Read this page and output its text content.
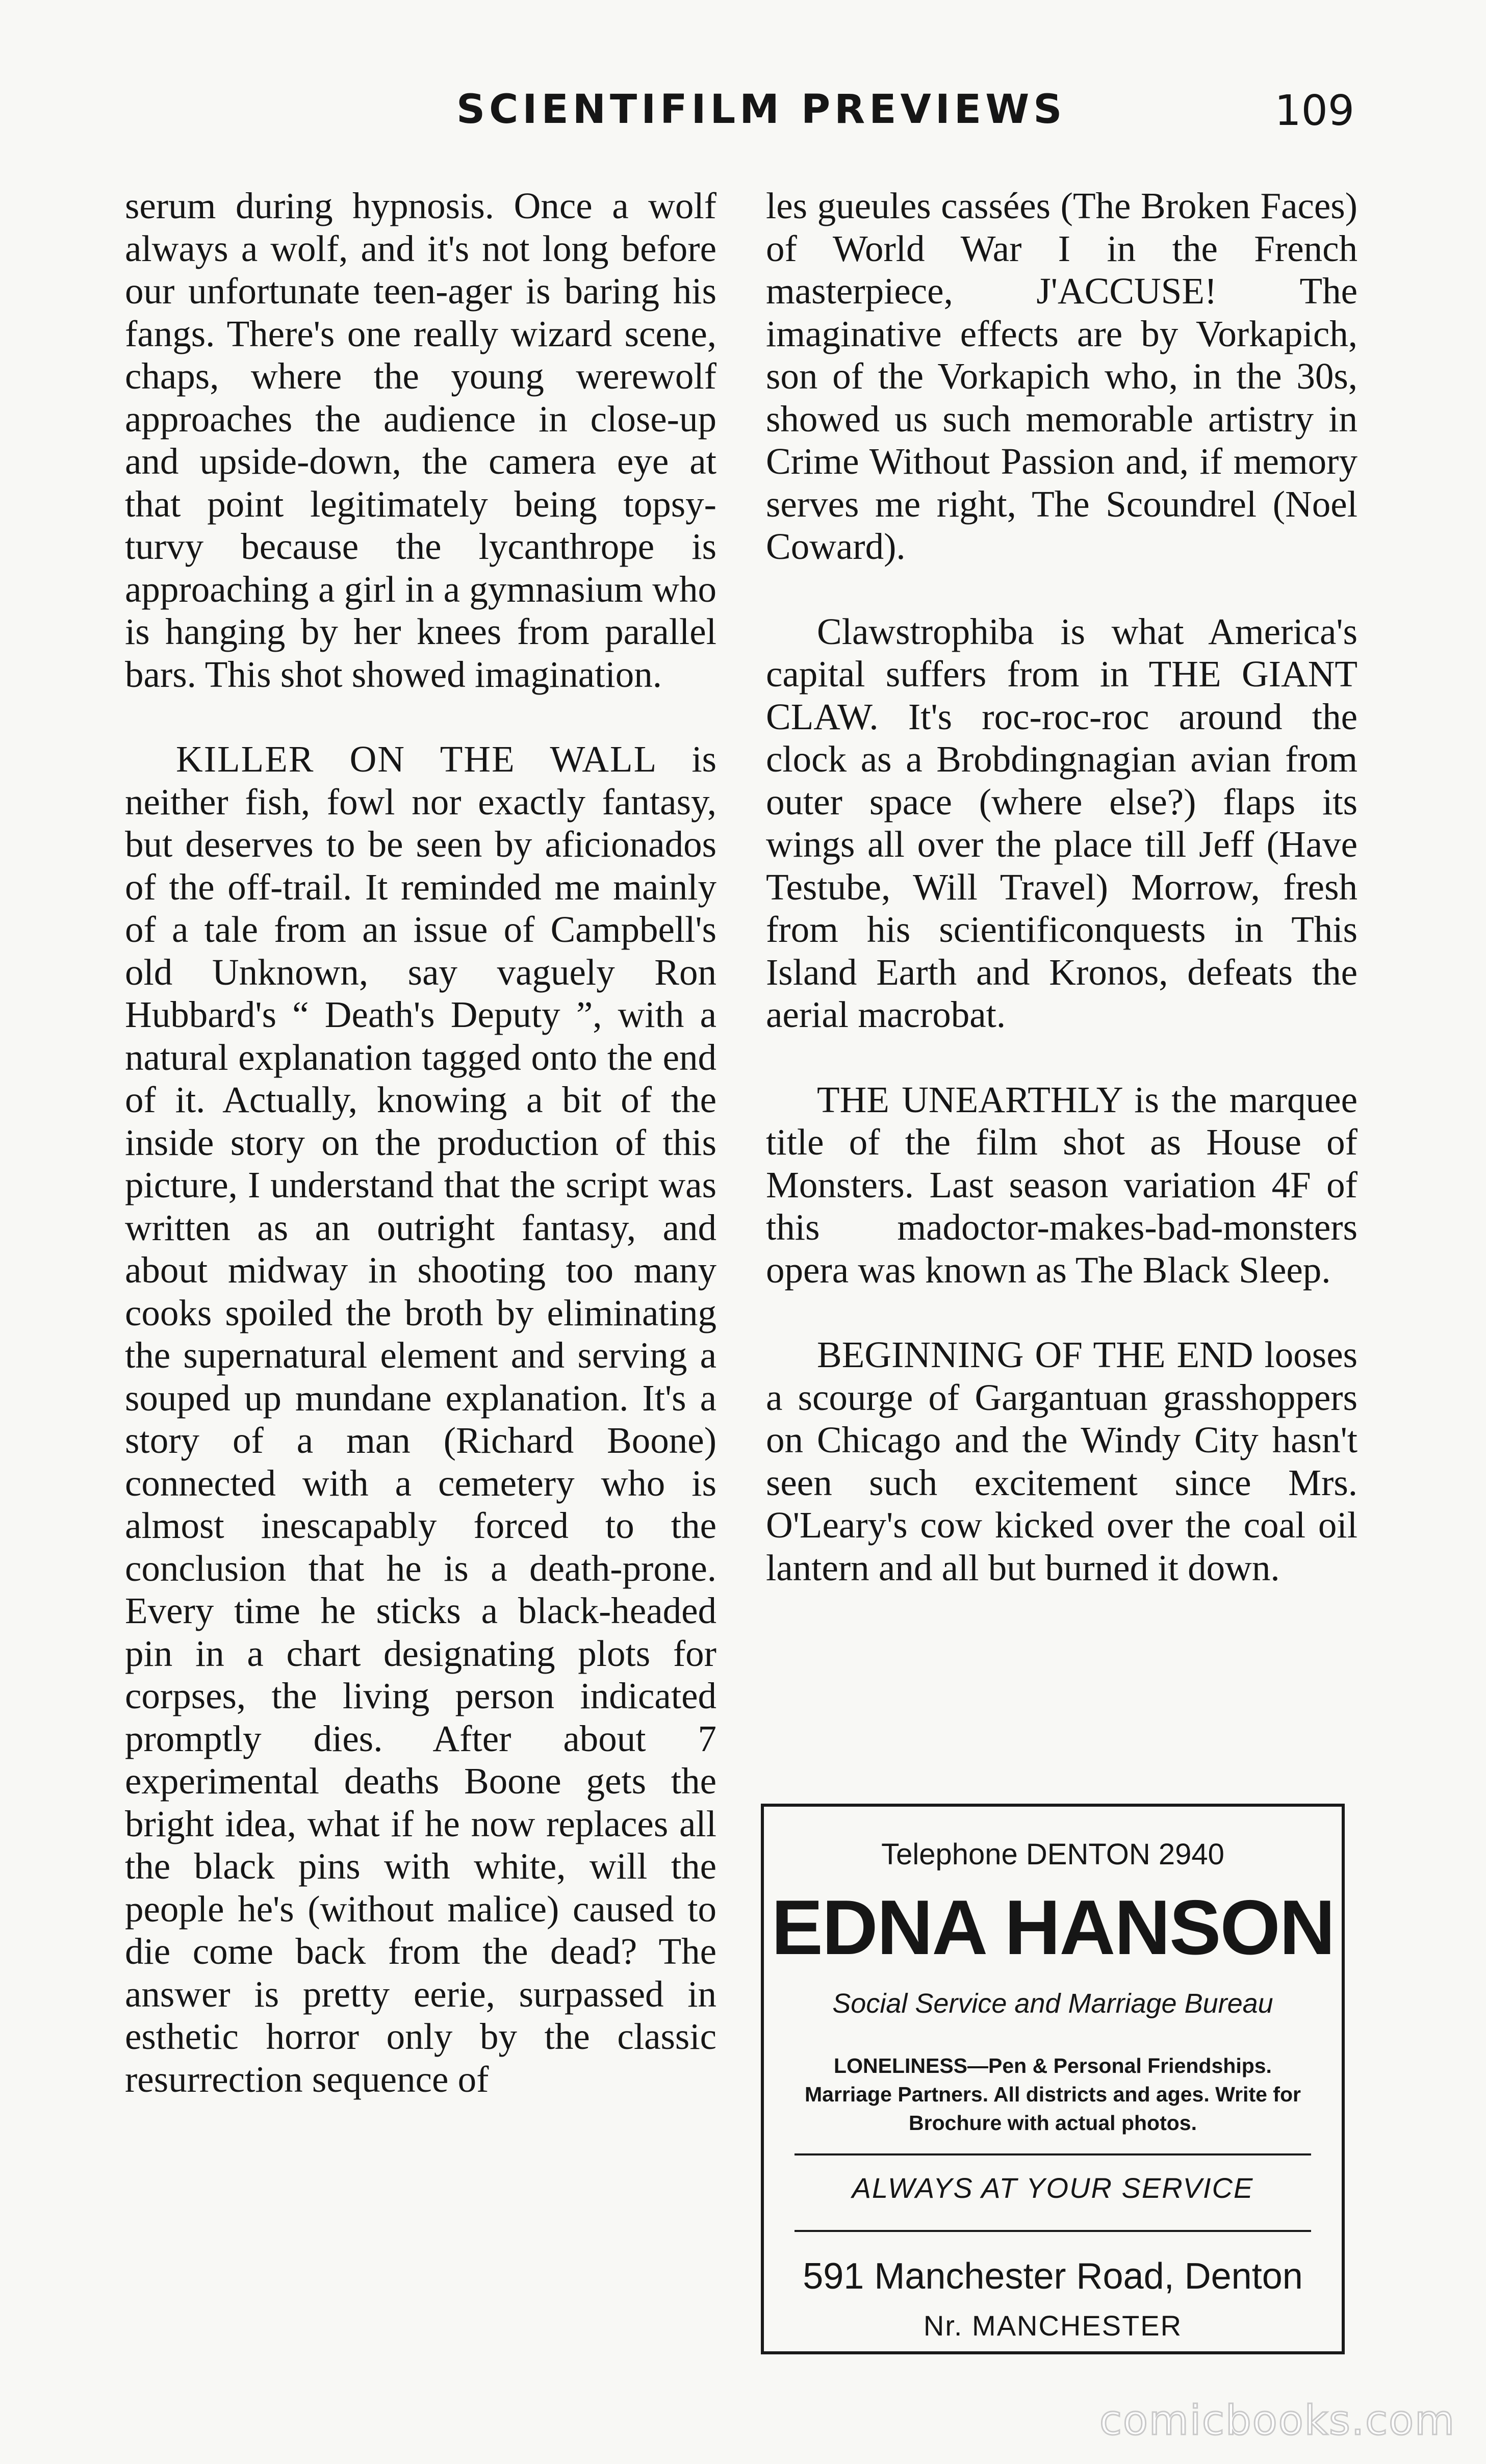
SCIENTIFILM PREVIEWS	109

serum during hypnosis. Once a wolf always a wolf, and it's not long before our unfortunate teen-ager is baring his fangs. There's one really wizard scene, chaps, where the young werewolf approaches the audience in close-up and upside-down, the camera eye at that point legitimately being topsy-turvy because the lycanthrope is approaching a girl in a gymnasium who is hanging by her knees from parallel bars. This shot showed imagination.

KILLER ON THE WALL is neither fish, fowl nor exactly fantasy, but deserves to be seen by aficionados of the off-trail. It reminded me mainly of a tale from an issue of Campbell's old Unknown, say vaguely Ron Hubbard's “ Death's Deputy ”, with a natural explanation tagged onto the end of it. Actually, knowing a bit of the inside story on the production of this picture, I understand that the script was written as an outright fantasy, and about midway in shooting too many cooks spoiled the broth by eliminating the supernatural element and serving a souped up mundane explanation. It's a story of a man (Richard Boone) connected with a cemetery who is almost inescapably forced to the conclusion that he is a death-prone. Every time he sticks a black-headed pin in a chart designating plots for corpses, the living person indicated promptly dies. After about 7 experimental deaths Boone gets the bright idea, what if he now replaces all the black pins with white, will the people he's (without malice) caused to die come back from the dead? The answer is pretty eerie, surpassed in esthetic horror only by the classic resurrection sequence of

les gueules cassées (The Broken Faces) of World War I in the French masterpiece, J'ACCUSE! The imaginative effects are by Vorkapich, son of the Vorkapich who, in the 30s, showed us such memorable artistry in Crime Without Passion and, if memory serves me right, The Scoundrel (Noel Coward).

Clawstrophiba is what America's capital suffers from in THE GIANT CLAW. It's roc-roc-roc around the clock as a Brobdingnagian avian from outer space (where else?) flaps its wings all over the place till Jeff (Have Testube, Will Travel) Morrow, fresh from his scientificonquests in This Island Earth and Kronos, defeats the aerial macrobat.

THE UNEARTHLY is the marquee title of the film shot as House of Monsters. Last season variation 4F of this madoctor-makes-bad-monsters opera was known as The Black Sleep.

BEGINNING OF THE END looses a scourge of Gargantuan grasshoppers on Chicago and the Windy City hasn't seen such excitement since Mrs. O'Leary's cow kicked over the coal oil lantern and all but burned it down.

Telephone DENTON 2940
EDNA HANSON
Social Service and Marriage Bureau
LONELINESS—Pen & Personal Friendships. Marriage Partners. All districts and ages. Write for Brochure with actual photos.
ALWAYS AT YOUR SERVICE
591 Manchester Road, Denton
Nr. MANCHESTER
comicbooks.com
